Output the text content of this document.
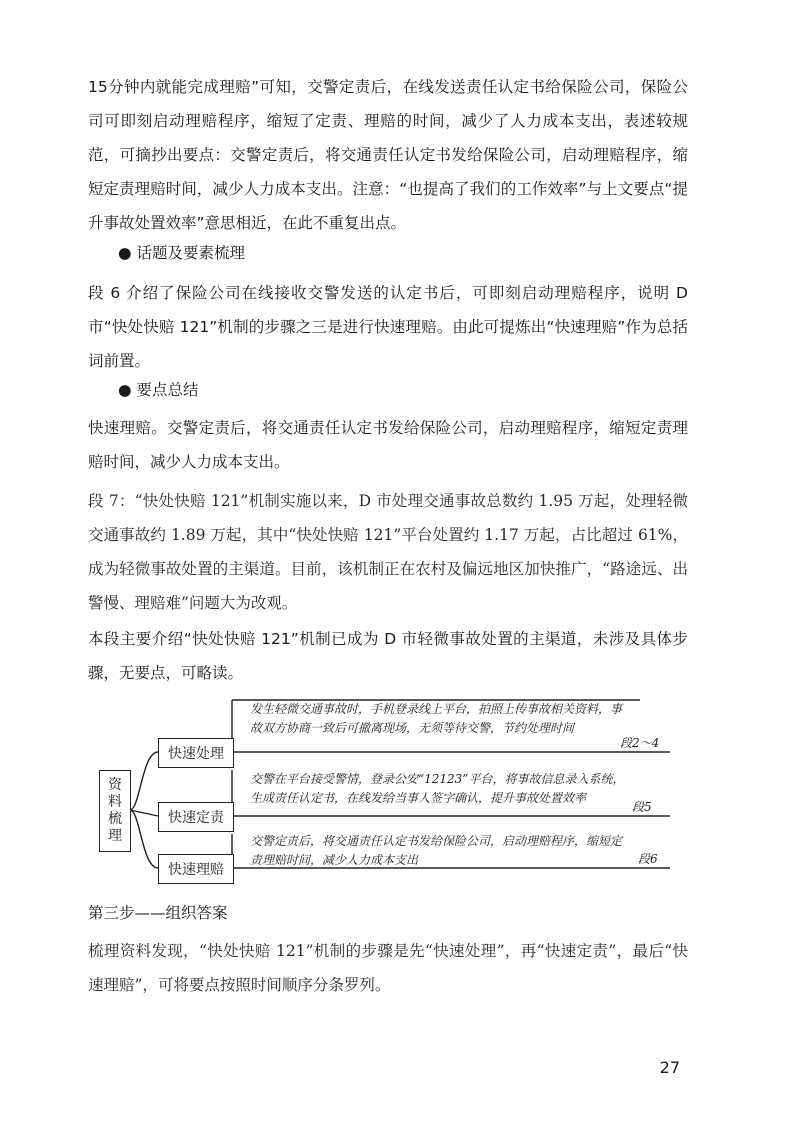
15分钟内就能完成理赔”可知，交警定责后，在线发送责任认定书给保险公司，保险公司可即刻启动理赔程序，缩短了定责、理赔的时间，减少了人力成本支出，表述较规范，可摘抄出要点：交警定责后，将交通责任认定书发给保险公司，启动理赔程序，缩短定责理赔时间，减少人力成本支出。注意：“也提高了我们的工作效率”与上文要点“提升事故处置效率”意思相近，在此不重复出点。

● 话题及要素梳理

段 6 介绍了保险公司在线接收交警发送的认定书后，可即刻启动理赔程序，说明 D 市“快处快赔 121”机制的步骤之三是进行快速理赔。由此可提炼出“快速理赔”作为总括词前置。

● 要点总结

快速理赔。交警定责后，将交通责任认定书发给保险公司，启动理赔程序，缩短定责理赔时间，减少人力成本支出。

段 7：“快处快赔 121”机制实施以来，D 市处理交通事故总数约 1.95 万起，处理轻微交通事故约 1.89 万起，其中“快处快赔 121”平台处置约 1.17 万起，占比超过 61%，成为轻微事故处置的主渠道。目前，该机制正在农村及偏远地区加快推广，“路途远、出警慢、理赔难”问题大为改观。

本段主要介绍“快处快赔 121”机制已成为 D 市轻微事故处置的主渠道，未涉及具体步骤，无要点，可略读。

资
料
梳
理
快速处理
快速定责
快速理赔
发生轻微交通事故时，手机登录线上平台，拍照上传事故相关资料，事故双方协商一致后可撤离现场，无须等待交警，节约处理时间
段2～4
交警在平台接受警情，登录公安“12123”平台，将事故信息录入系统，生成责任认定书，在线发给当事人签字确认，提升事故处置效率
段5
交警定责后，将交通责任认定书发给保险公司，启动理赔程序，缩短定责理赔时间，减少人力成本支出	段6
第三步——组织答案

梳理资料发现，“快处快赔 121”机制的步骤是先“快速处理”，再“快速定责”，最后“快速理赔”，可将要点按照时间顺序分条罗列。

27
